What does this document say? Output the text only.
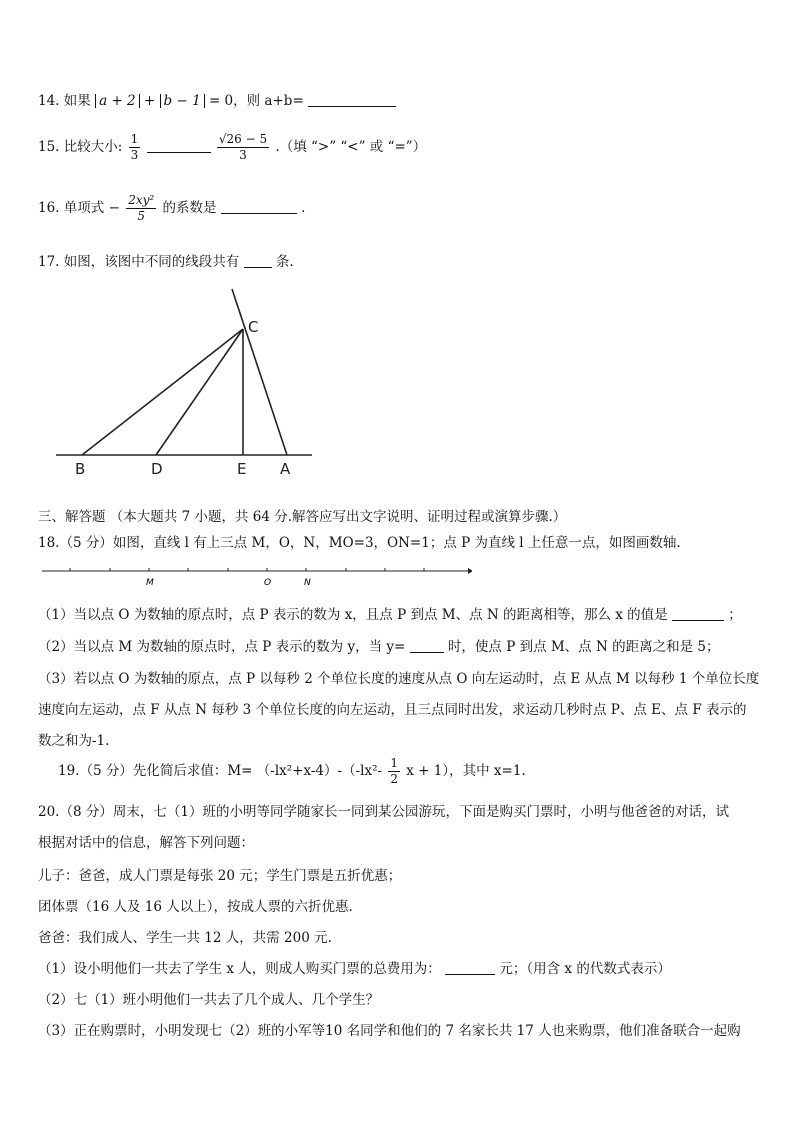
14. 如果 a + 2 + b − 1 = 0，则 a+b=
15. 比较大小: $\frac{1}{3}$
	$\frac{√26 - 5}{3}$ .（填 “>” “<” 或 “=”）
16. 单项式 − $\frac{\text{2xy²}}{5}$ 的系数是	.
17. 如图，该图中不同的线段共有	条.
C
B	D	E A
三、解答题 （本大题共 7 小题，共 64 分.解答应写出文字说明、证明过程或演算步骤.）
18.（5 分）如图，直线 l 有上三点 M，O，N，MO=3，ON=1；点 P 为直线 l 上任意一点，如图画数轴.
M	O	N
（1）当以点 O 为数轴的原点时，点 P 表示的数为 x，且点 P 到点 M、点 N 的距离相等，那么 x 的值是	；
（2）当以点 M 为数轴的原点时，点 P 表示的数为 y，当 y=	时，使点 P 到点 M、点 N 的距离之和是 5；
（3）若以点 O 为数轴的原点，点 P 以每秒 2 个单位长度的速度从点 O 向左运动时，点 E 从点 M 以每秒 1 个单位长度
速度向左运动，点 F 从点 N 每秒 3 个单位长度的向左运动，且三点同时出发，求运动几秒时点 P、点 E、点 F 表示的
数之和为-1.
19.（5 分）先化简后求值：$M= (-lx^2+x-4)-(-lx^2- \frac{1}{2}$ x + 1），其中 x=1.
20.（8 分）周末，七（1）班的小明等同学随家长一同到某公园游玩，下面是购买门票时，小明与他爸爸的对话，试
根据对话中的信息，解答下列问题：
儿子：爸爸，成人门票是每张 20 元；学生门票是五折优惠；
团体票（16 人及 16 人以上），按成人票的六折优惠.
爸爸：我们成人、学生一共 12 人，共需 200 元.
（1）设小明他们一共去了学生 x 人，则成人购买门票的总费用为：	元；（用含 x 的代数式表示）
（2）七（1）班小明他们一共去了几个成人、几个学生？
（3）正在购票时，小明发现七（2）班的小军等10 名同学和他们的 7 名家长共 17 人也来购票，他们准备联合一起购
